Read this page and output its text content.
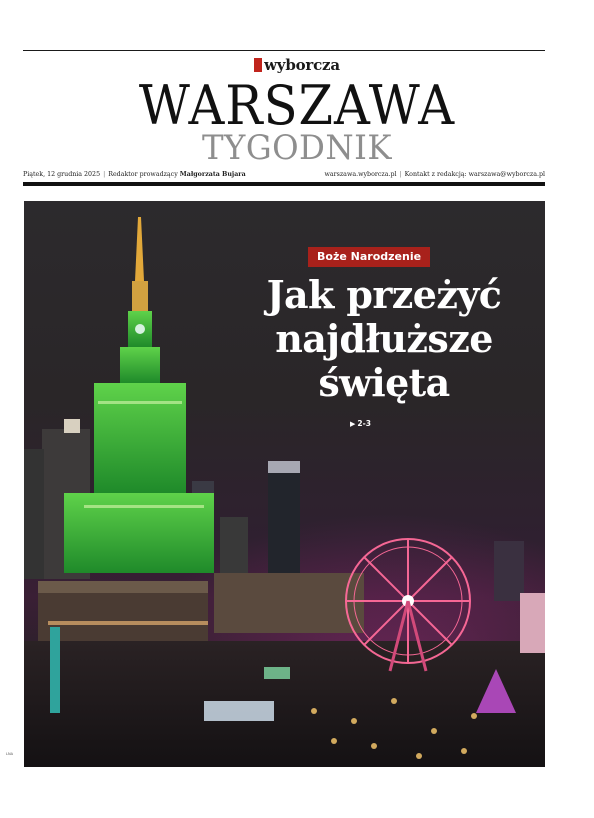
wyborcza
WARSZAWA
TYGODNIK
Piątek, 12 grudnia 2025 | Redaktor prowadzący Małgorzata Bujara	warszawa.wyborcza.pl | Kontakt z redakcją: warszawa@wyborcza.pl
Boże Narodzenie
Jak przeżyć najdłuższe święta
▶ 2-3
LNA
